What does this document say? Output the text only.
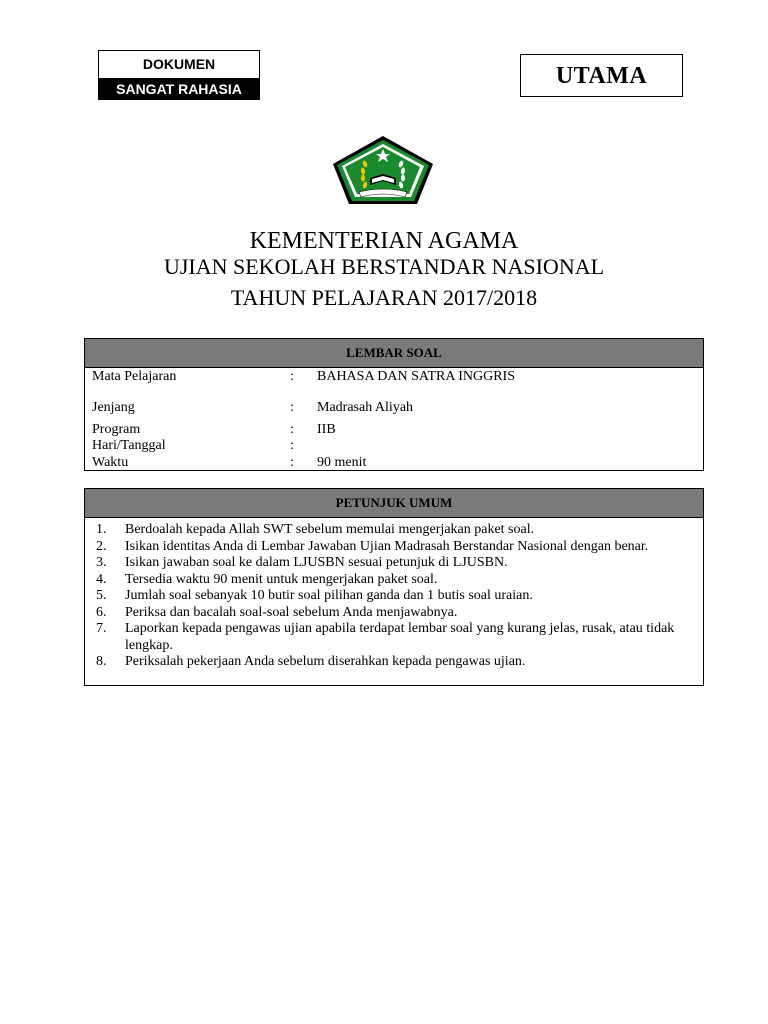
DOKUMEN
SANGAT RAHASIA	UTAMA
KEMENTERIAN AGAMA
UJIAN SEKOLAH BERSTANDAR NASIONAL
TAHUN PELAJARAN 2017/2018
LEMBAR SOAL
Mata Pelajaran	: BAHASA DAN SATRA INGGRIS
Jenjang	: Madrasah Aliyah
Program	: IIB
Hari/Tanggal	:
Waktu	: 90 menit
PETUNJUK UMUM
1. Berdoalah kepada Allah SWT sebelum memulai mengerjakan paket soal.
2. Isikan identitas Anda di Lembar Jawaban Ujian Madrasah Berstandar Nasional dengan benar.
3. Isikan jawaban soal ke dalam LJUSBN sesuai petunjuk di LJUSBN.
4. Tersedia waktu 90 menit untuk mengerjakan paket soal.
5. Jumlah soal sebanyak 10 butir soal pilihan ganda dan 1 butis soal uraian.
6. Periksa dan bacalah soal-soal sebelum Anda menjawabnya.
7. Laporkan kepada pengawas ujian apabila terdapat lembar soal yang kurang jelas, rusak, atau tidak lengkap.
8. Periksalah pekerjaan Anda sebelum diserahkan kepada pengawas ujian.
